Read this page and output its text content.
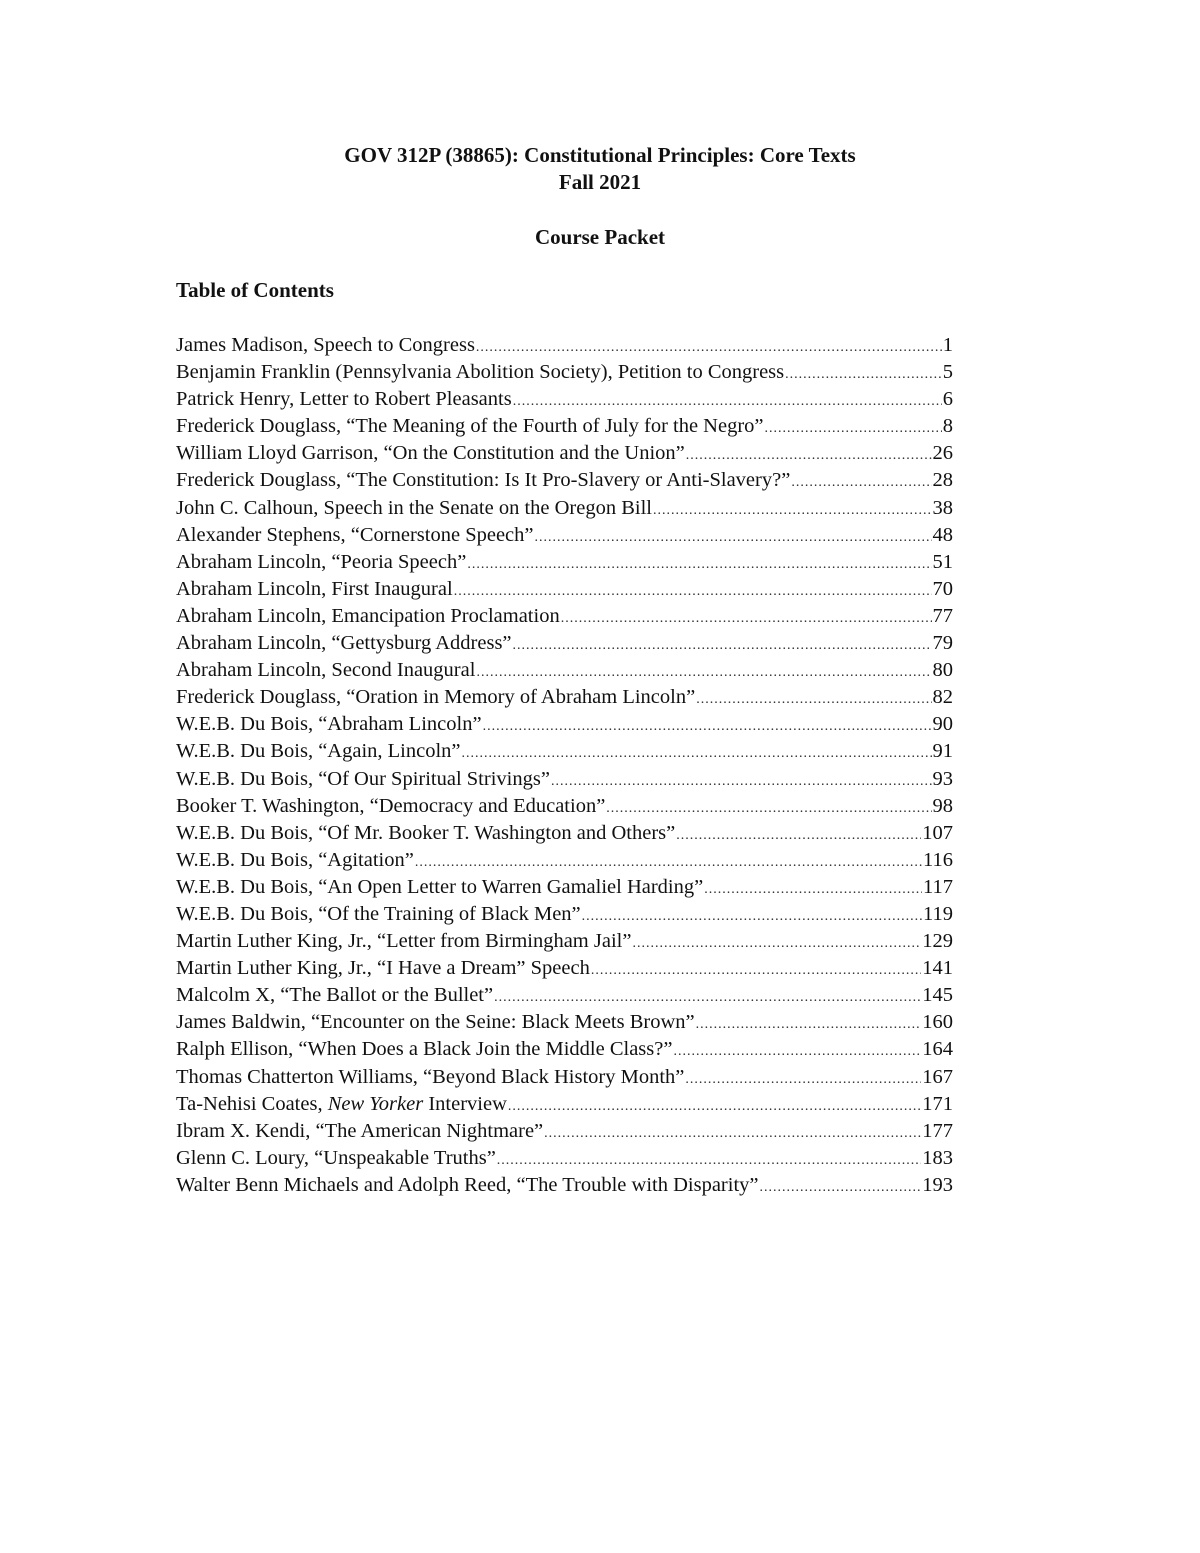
GOV 312P (38865): Constitutional Principles: Core Texts
Fall 2021
Course Packet
Table of Contents
James Madison, Speech to Congress .....	1
Benjamin Franklin (Pennsylvania Abolition Society), Petition to Congress .....	5
Patrick Henry, Letter to Robert Pleasants .....	6
Frederick Douglass, “The Meaning of the Fourth of July for the Negro” .....	8
William Lloyd Garrison, “On the Constitution and the Union” .....	26
Frederick Douglass, “The Constitution: Is It Pro-Slavery or Anti-Slavery?” .....	28
John C. Calhoun, Speech in the Senate on the Oregon Bill .....	38
Alexander Stephens, “Cornerstone Speech” .....	48
Abraham Lincoln, “Peoria Speech” .....	51
Abraham Lincoln, First Inaugural .....	70
Abraham Lincoln, Emancipation Proclamation .....	77
Abraham Lincoln, “Gettysburg Address” .....	79
Abraham Lincoln, Second Inaugural .....	80
Frederick Douglass, “Oration in Memory of Abraham Lincoln” .....	82
W.E.B. Du Bois, “Abraham Lincoln” .....	90
W.E.B. Du Bois, “Again, Lincoln” .....	91
W.E.B. Du Bois, “Of Our Spiritual Strivings” .....	93
Booker T. Washington, “Democracy and Education” .....	98
W.E.B. Du Bois, “Of Mr. Booker T. Washington and Others” .....	107
W.E.B. Du Bois, “Agitation” .....	116
W.E.B. Du Bois, “An Open Letter to Warren Gamaliel Harding” .....	117
W.E.B. Du Bois, “Of the Training of Black Men” .....	119
Martin Luther King, Jr., “Letter from Birmingham Jail” .....	129
Martin Luther King, Jr., “I Have a Dream” Speech .....	141
Malcolm X, “The Ballot or the Bullet” .....	145
James Baldwin, “Encounter on the Seine: Black Meets Brown” .....	160
Ralph Ellison, “When Does a Black Join the Middle Class?” .....	164
Thomas Chatterton Williams, “Beyond Black History Month” .....	167
Ta-Nehisi Coates, New Yorker Interview .....	171
Ibram X. Kendi, “The American Nightmare” .....	177
Glenn C. Loury, “Unspeakable Truths” .....	183
Walter Benn Michaels and Adolph Reed, “The Trouble with Disparity” .....	193
